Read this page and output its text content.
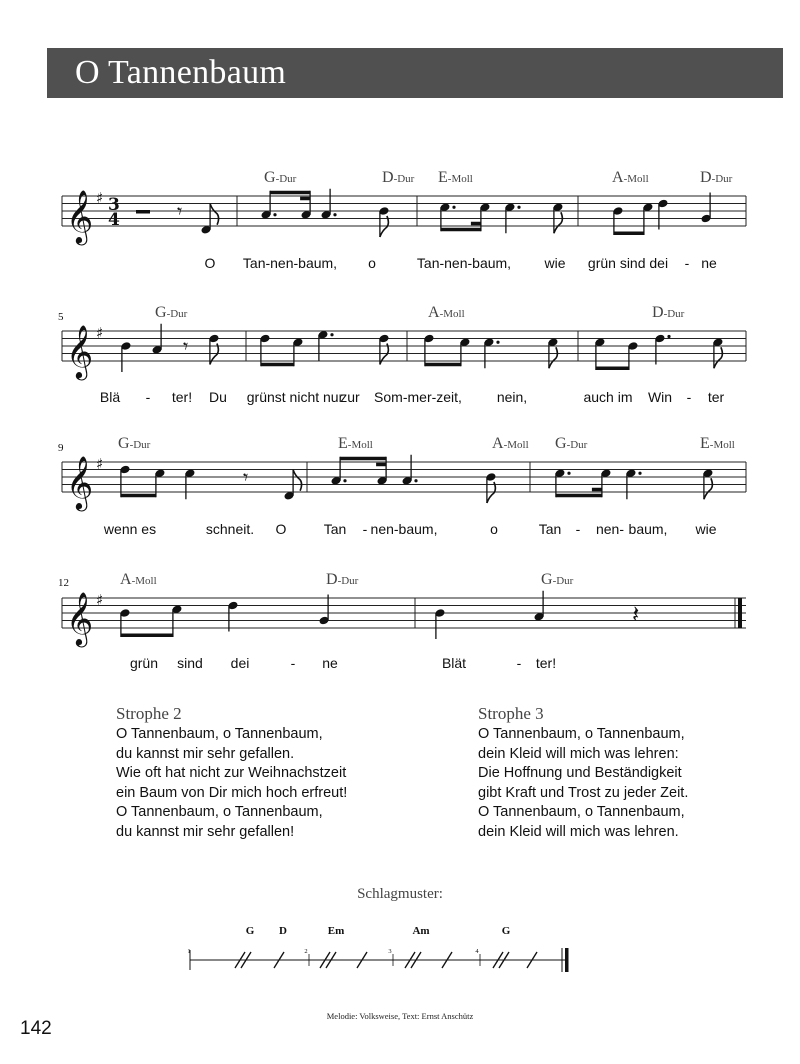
O Tannenbaum
𝄞 ♯ 3
4
G-Dur	D-Dur E-Moll	A-Moll	D-Dur
O Tan-nen-baum, o	Tan-nen-baum, wie grün sind dei - ne
𝄾
𝄞 ♯
5	G-Dur	A-Moll	D-Dur
Blä - ter! Du grünst nicht nur
zur Som-mer-zeit, nein,	auch im Win - ter
𝄾
𝄞 ♯
9	G-Dur	E-Moll	A-Moll G-Dur	E-Moll
wenn es	schneit. O	Tan - nen-baum,	o	Tan - nen- baum, wie
𝄾
𝄞 ♯
12	A-Moll	D-Dur	G-Dur
grün sind dei	- ne	Blät	- ter!
𝄽
Strophe 2
O Tannenbaum, o Tannenbaum,
du kannst mir sehr gefallen.
Wie oft hat nicht zur Weihnachstzeit
ein Baum von Dir mich hoch erfreut!
O Tannenbaum, o Tannenbaum,
du kannst mir sehr gefallen!
Strophe 3
O Tannenbaum, o Tannenbaum,
dein Kleid will mich was lehren:
Die Hoffnung und Beständigkeit
gibt Kraft und Trost zu jeder Zeit.
O Tannenbaum, o Tannenbaum,
dein Kleid will mich was lehren.
Schlagmuster:
1	2	3	4
G D	Em	Am	G
Melodie: Volksweise, Text: Ernst Anschütz
142
